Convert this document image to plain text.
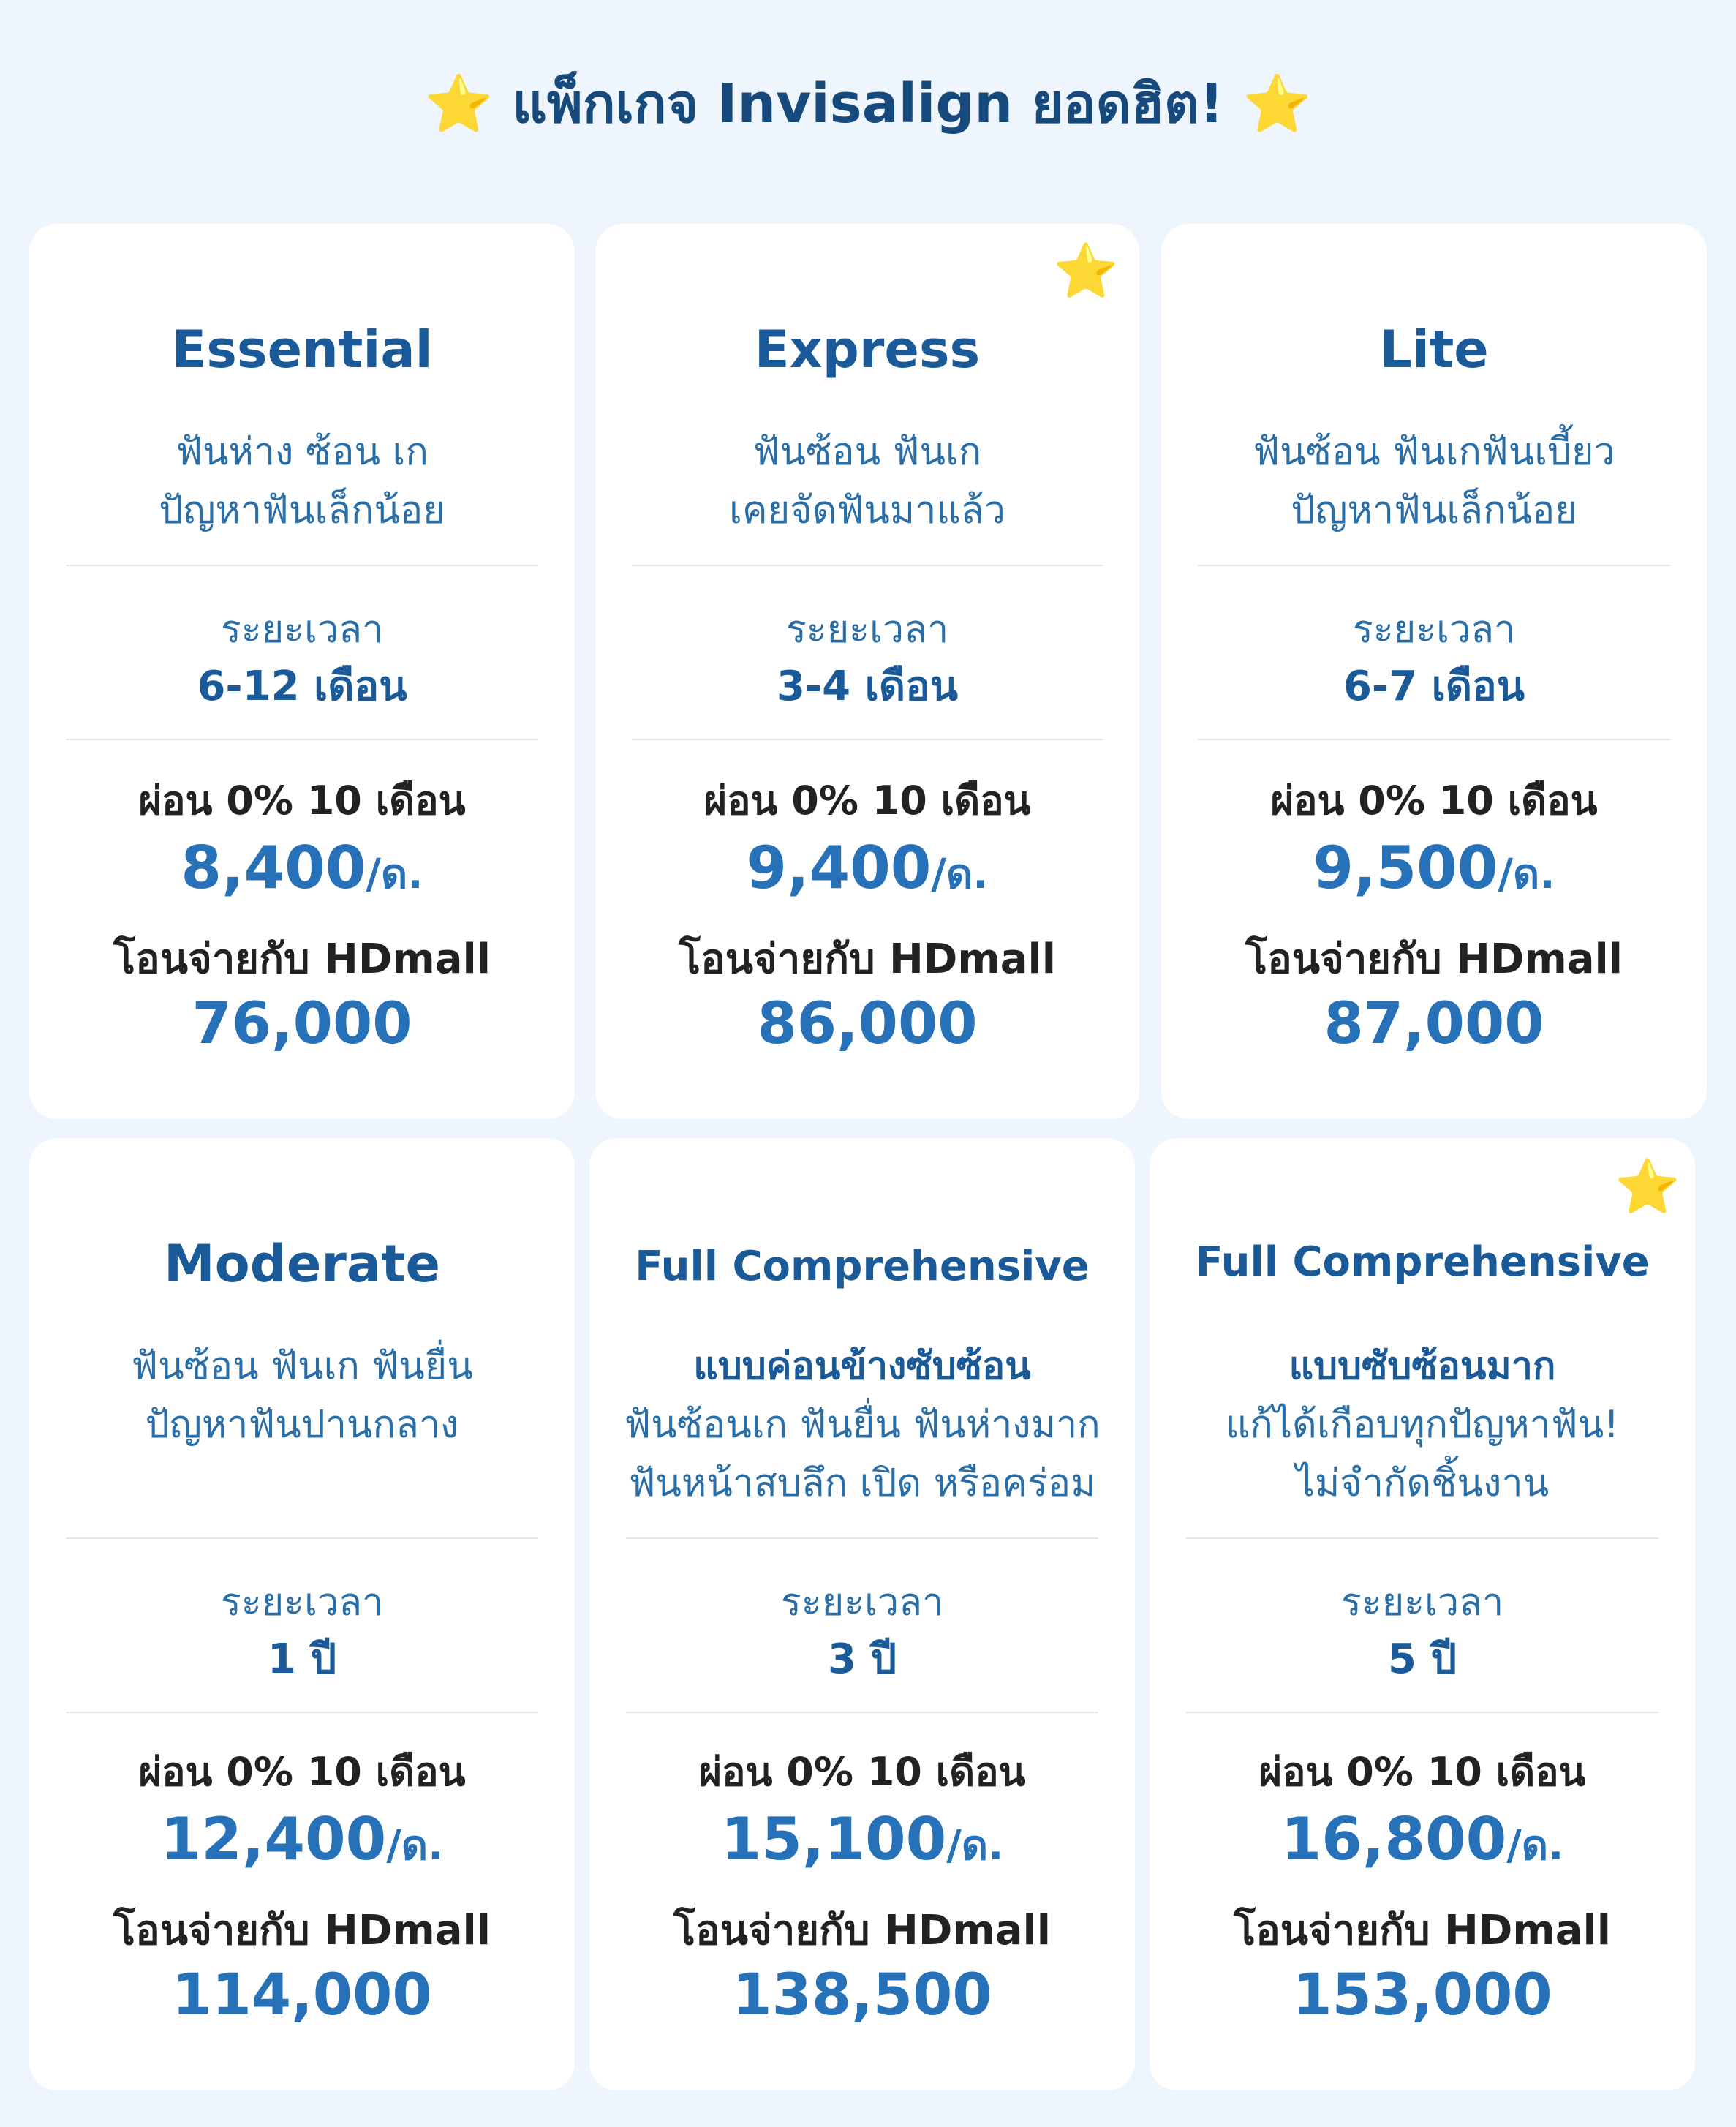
⭐ แพ็กเกจ Invisalign ยอดฮิต! ⭐
Essential
ฟันห่าง ซ้อน เก
ปัญหาฟันเล็กน้อย
ระยะเวลา
6-12 เดือน
ผ่อน 0% 10 เดือน
8,400/ด.
โอนจ่ายกับ HDmall
76,000
⭐
Express
ฟันซ้อน ฟันเก
เคยจัดฟันมาแล้ว
ระยะเวลา
3-4 เดือน
ผ่อน 0% 10 เดือน
9,400/ด.
โอนจ่ายกับ HDmall
86,000
Lite
ฟันซ้อน ฟันเกฟันเบี้ยว
ปัญหาฟันเล็กน้อย
ระยะเวลา
6-7 เดือน
ผ่อน 0% 10 เดือน
9,500/ด.
โอนจ่ายกับ HDmall
87,000
Moderate
ฟันซ้อน ฟันเก ฟันยื่น
ปัญหาฟันปานกลาง
ระยะเวลา
1 ปี
ผ่อน 0% 10 เดือน
12,400/ด.
โอนจ่ายกับ HDmall
114,000
Full Comprehensive
แบบค่อนข้างซับซ้อน
ฟันซ้อนเก ฟันยื่น ฟันห่างมาก
ฟันหน้าสบลึก เปิด หรือคร่อม
ระยะเวลา
3 ปี
ผ่อน 0% 10 เดือน
15,100/ด.
โอนจ่ายกับ HDmall
138,500
⭐
Full Comprehensive
แบบซับซ้อนมาก
แก้ได้เกือบทุกปัญหาฟัน!
ไม่จำกัดชิ้นงาน
ระยะเวลา
5 ปี
ผ่อน 0% 10 เดือน
16,800/ด.
โอนจ่ายกับ HDmall
153,000
